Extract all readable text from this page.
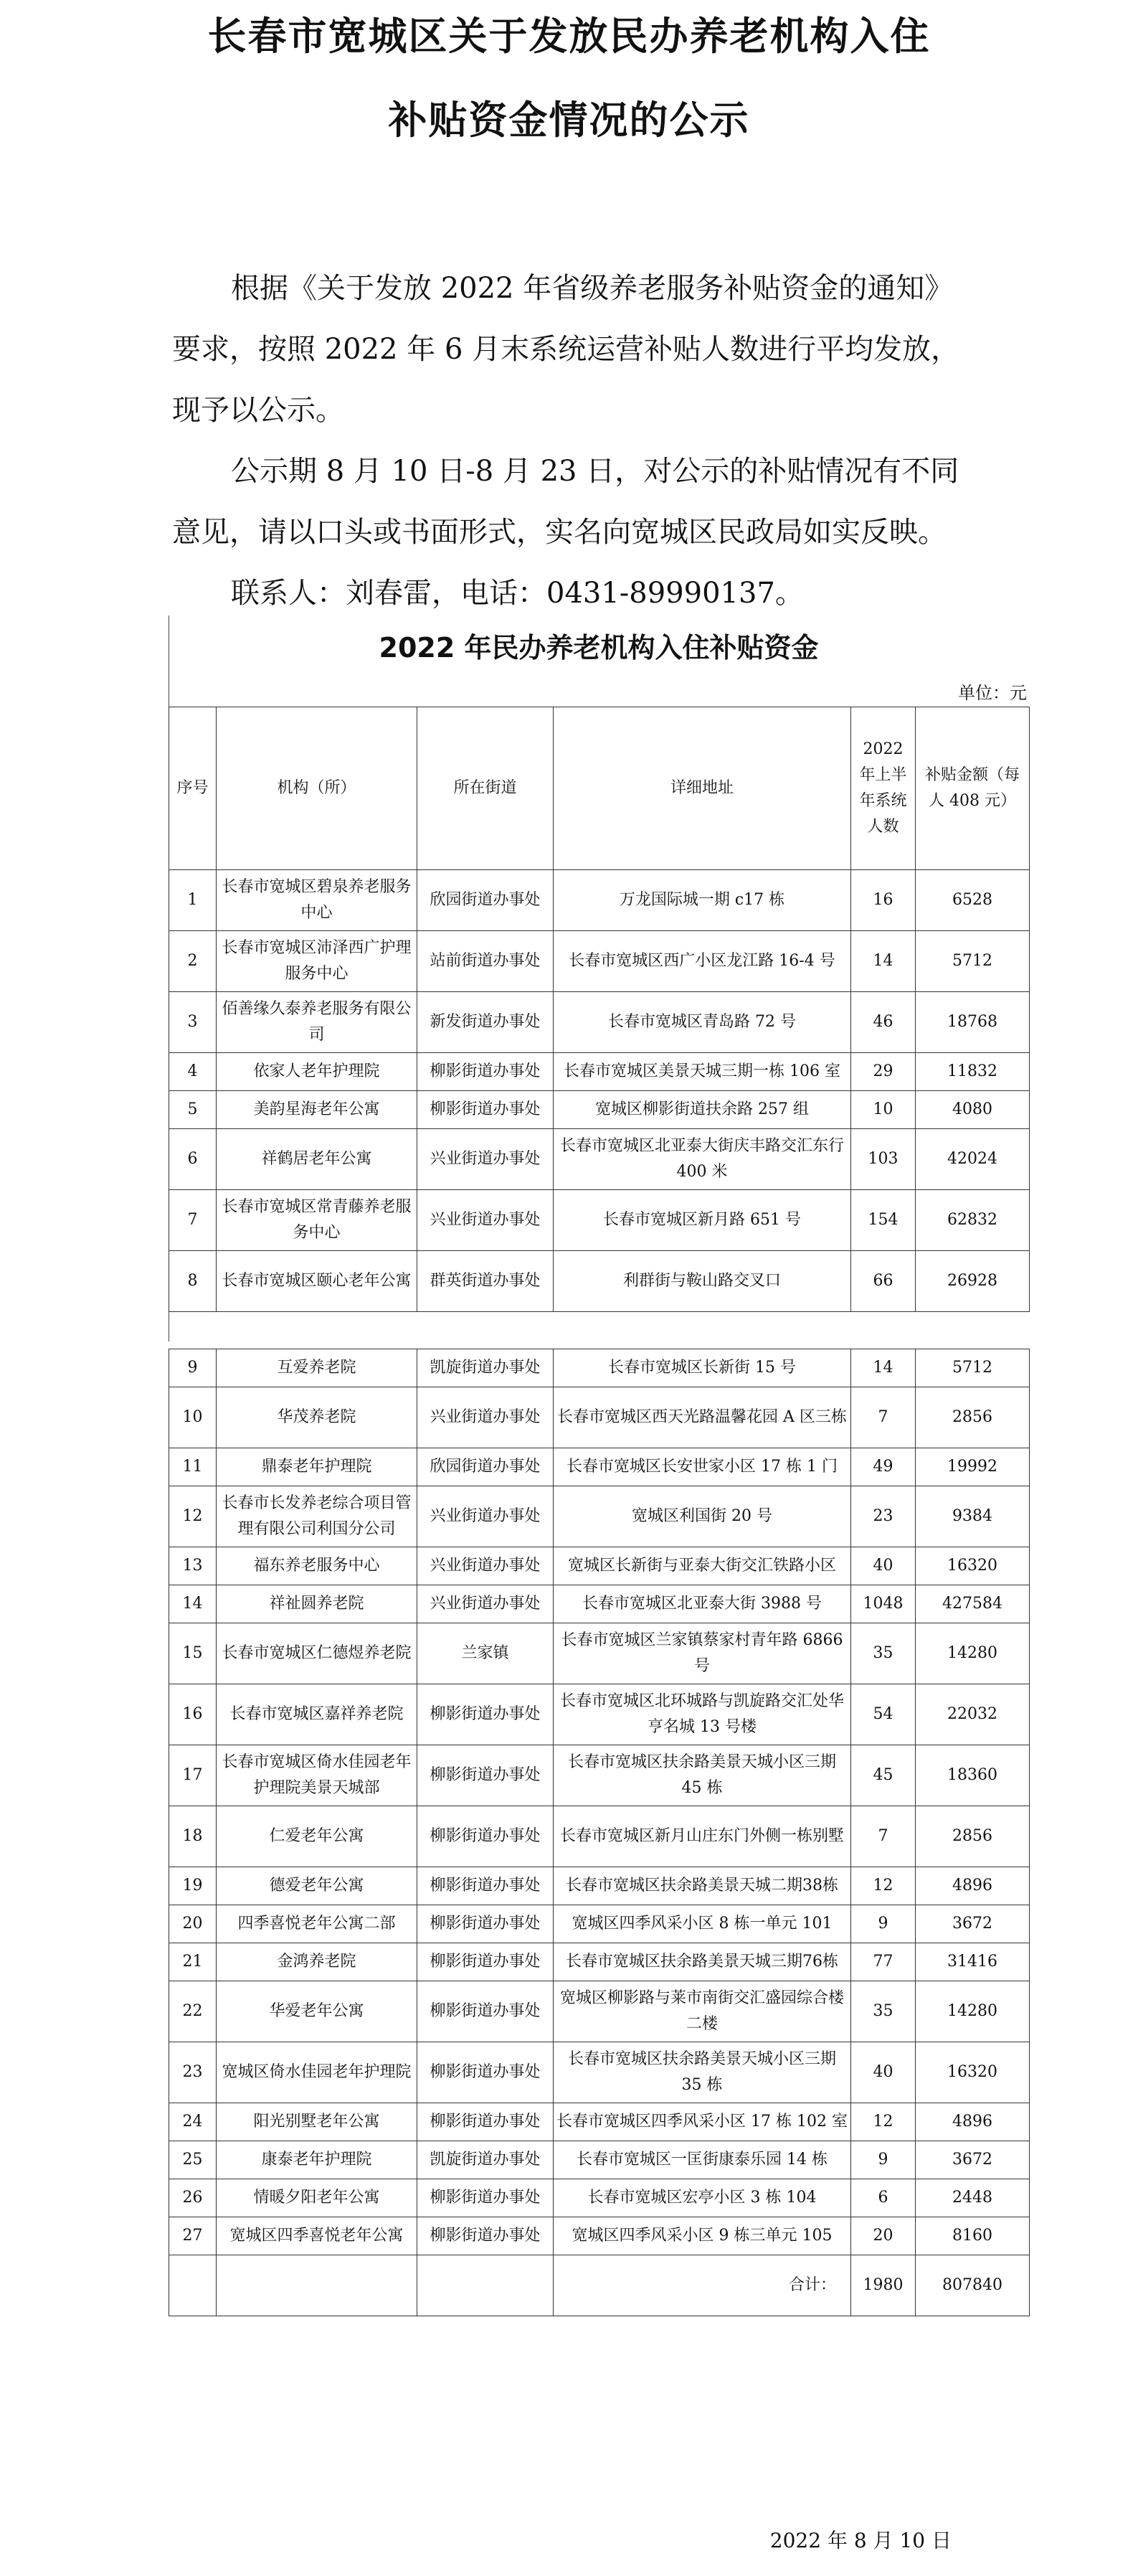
长春市宽城区关于发放民办养老机构入住
补贴资金情况的公示
根据《关于发放 2022 年省级养老服务补贴资金的通知》
要求，按照 2022 年 6 月末系统运营补贴人数进行平均发放，
现予以公示。
公示期 8 月 10 日-8 月 23 日，对公示的补贴情况有不同
意见，请以口头或书面形式，实名向宽城区民政局如实反映。
联系人：刘春雷，电话：0431-89990137。
2022 年民办养老机构入住补贴资金
单位：元
序号	机构（所）	所在街道	详细地址	2022 年上半年系统人数	补贴金额（每人 408 元）
1	长春市宽城区碧泉养老服务中心	欣园街道办事处	万龙国际城一期 c17 栋	16	6528
2	长春市宽城区沛泽西广护理服务中心	站前街道办事处	长春市宽城区西广小区龙江路 16-4 号	14	5712
3	佰善缘久泰养老服务有限公司	新发街道办事处	长春市宽城区青岛路 72 号	46	18768
4	依家人老年护理院	柳影街道办事处	长春市宽城区美景天城三期一栋 106 室	29	11832
5	美韵星海老年公寓	柳影街道办事处	宽城区柳影街道扶余路 257 组	10	4080
6	祥鹤居老年公寓	兴业街道办事处	长春市宽城区北亚泰大街庆丰路交汇东行 400 米	103	42024
7	长春市宽城区常青藤养老服务中心	兴业街道办事处	长春市宽城区新月路 651 号	154	62832
8	长春市宽城区颐心老年公寓	群英街道办事处	利群街与鞍山路交叉口	66	26928
9	互爱养老院	凯旋街道办事处	长春市宽城区长新街 15 号	14	5712
10	华茂养老院	兴业街道办事处	长春市宽城区西天光路温馨花园 A 区三栋	7	2856
11	鼎泰老年护理院	欣园街道办事处	长春市宽城区长安世家小区 17 栋 1 门	49	19992
12	长春市长发养老综合项目管理有限公司利国分公司	兴业街道办事处	宽城区利国街 20 号	23	9384
13	福东养老服务中心	兴业街道办事处	宽城区长新街与亚泰大街交汇铁路小区	40	16320
14	祥祉圆养老院	兴业街道办事处	长春市宽城区北亚泰大街 3988 号	1048	427584
15	长春市宽城区仁德煜养老院	兰家镇	长春市宽城区兰家镇蔡家村青年路 6866 号	35	14280
16	长春市宽城区嘉祥养老院	柳影街道办事处	长春市宽城区北环城路与凯旋路交汇处华亨名城 13 号楼	54	22032
17	长春市宽城区倚水佳园老年护理院美景天城部	柳影街道办事处	长春市宽城区扶余路美景天城小区三期 45 栋	45	18360
18	仁爱老年公寓	柳影街道办事处	长春市宽城区新月山庄东门外侧一栋别墅	7	2856
19	德爱老年公寓	柳影街道办事处	长春市宽城区扶余路美景天城二期38栋	12	4896
20	四季喜悦老年公寓二部	柳影街道办事处	宽城区四季风采小区 8 栋一单元 101	9	3672
21	金鸿养老院	柳影街道办事处	长春市宽城区扶余路美景天城三期76栋	77	31416
22	华爱老年公寓	柳影街道办事处	宽城区柳影路与莱市南街交汇盛园综合楼二楼	35	14280
23	宽城区倚水佳园老年护理院	柳影街道办事处	长春市宽城区扶余路美景天城小区三期 35 栋	40	16320
24	阳光别墅老年公寓	柳影街道办事处	长春市宽城区四季风采小区 17 栋 102 室	12	4896
25	康泰老年护理院	凯旋街道办事处	长春市宽城区一匡街康泰乐园 14 栋	9	3672
26	情暖夕阳老年公寓	柳影街道办事处	长春市宽城区宏亭小区 3 栋 104	6	2448
27	宽城区四季喜悦老年公寓	柳影街道办事处	宽城区四季风采小区 9 栋三单元 105	20	8160
			合计：	1980	807840
2022 年 8 月 10 日
